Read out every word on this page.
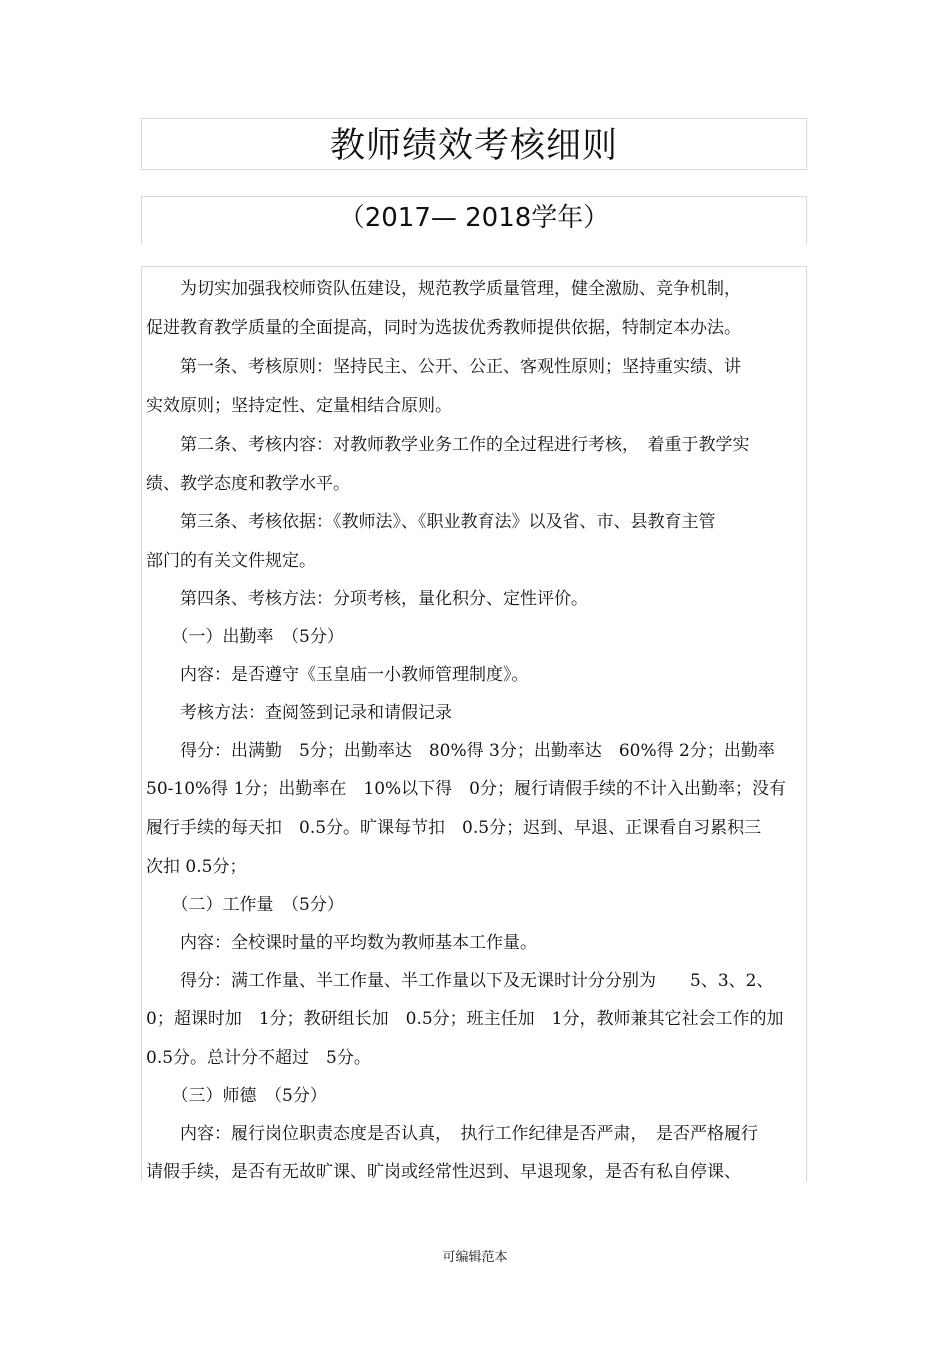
教师绩效考核细则
（2017— 2018学年）
　　为切实加强我校师资队伍建设，规范教学质量管理，健全激励、竞争机制，
促进教育教学质量的全面提高，同时为选拔优秀教师提供依据，特制定本办法。
　　第一条、考核原则：坚持民主、公开、公正、客观性原则；坚持重实绩、讲
实效原则；坚持定性、定量相结合原则。
　　第二条、考核内容：对教师教学业务工作的全过程进行考核，　着重于教学实
绩、教学态度和教学水平。
　　第三条、考核依据：《教师法》、《职业教育法》以及省、市、县教育主管
部门的有关文件规定。
　　第四条、考核方法：分项考核，量化积分、定性评价。
　　（一）出勤率　（5分）
　　内容：是否遵守《玉皇庙一小教师管理制度》。
　　考核方法：查阅签到记录和请假记录
　　得分：出满勤　5分；出勤率达　80%得 3分；出勤率达　60%得 2分；出勤率
50-10%得 1分；出勤率在　10%以下得　0分；履行请假手续的不计入出勤率；没有
履行手续的每天扣　0.5分。旷课每节扣　0.5分；迟到、早退、正课看自习累积三
次扣 0.5分；
　　（二）工作量　（5分）
　　内容：全校课时量的平均数为教师基本工作量。
　　得分：满工作量、半工作量、半工作量以下及无课时计分分别为　　5、3、2、
0；超课时加　1分；教研组长加　0.5分；班主任加　1分，教师兼其它社会工作的加
0.5分。总计分不超过　5分。
　　（三）师德　（5分）
　　内容：履行岗位职责态度是否认真，　执行工作纪律是否严肃，　是否严格履行
请假手续，是否有无故旷课、旷岗或经常性迟到、早退现象，是否有私自停课、
可编辑范本
